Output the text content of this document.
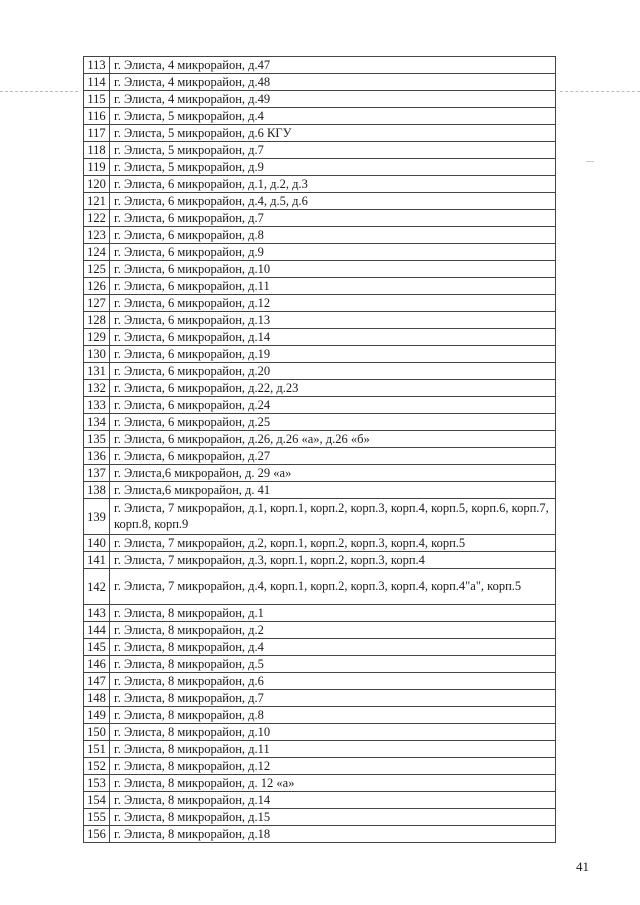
113	г. Элиста, 4 микрорайон, д.47
114	г. Элиста, 4 микрорайон, д.48
115	г. Элиста, 4 микрорайон, д.49
116	г. Элиста, 5 микрорайон, д.4
117	г. Элиста, 5 микрорайон, д.6 КГУ
118	г. Элиста, 5 микрорайон, д.7
119	г. Элиста, 5 микрорайон, д.9
120	г. Элиста, 6 микрорайон, д.1, д.2, д.3
121	г. Элиста, 6 микрорайон, д.4, д.5, д.6
122	г. Элиста, 6 микрорайон, д.7
123	г. Элиста, 6 микрорайон, д.8
124	г. Элиста, 6 микрорайон, д.9
125	г. Элиста, 6 микрорайон, д.10
126	г. Элиста, 6 микрорайон, д.11
127	г. Элиста, 6 микрорайон, д.12
128	г. Элиста, 6 микрорайон, д.13
129	г. Элиста, 6 микрорайон, д.14
130	г. Элиста, 6 микрорайон, д.19
131	г. Элиста, 6 микрорайон, д.20
132	г. Элиста, 6 микрорайон, д.22, д.23
133	г. Элиста, 6 микрорайон, д.24
134	г. Элиста, 6 микрорайон, д.25
135	г. Элиста, 6 микрорайон, д.26, д.26 «а», д.26 «б»
136	г. Элиста, 6 микрорайон, д.27
137	г. Элиста,6 микрорайон, д. 29 «а»
138	г. Элиста,6 микрорайон, д. 41
139	г. Элиста, 7 микрорайон, д.1, корп.1, корп.2, корп.3, корп.4, корп.5, корп.6, корп.7, корп.8, корп.9
140	г. Элиста, 7 микрорайон, д.2, корп.1, корп.2, корп.3, корп.4, корп.5
141	г. Элиста, 7 микрорайон, д.3, корп.1, корп.2, корп.3, корп.4
142	г. Элиста, 7 микрорайон, д.4, корп.1, корп.2, корп.3, корп.4, корп.4"а", корп.5
143	г. Элиста, 8 микрорайон, д.1
144	г. Элиста, 8 микрорайон, д.2
145	г. Элиста, 8 микрорайон, д.4
146	г. Элиста, 8 микрорайон, д.5
147	г. Элиста, 8 микрорайон, д.6
148	г. Элиста, 8 микрорайон, д.7
149	г. Элиста, 8 микрорайон, д.8
150	г. Элиста, 8 микрорайон, д.10
151	г. Элиста, 8 микрорайон, д.11
152	г. Элиста, 8 микрорайон, д.12
153	г. Элиста, 8 микрорайон, д. 12 «а»
154	г. Элиста, 8 микрорайон, д.14
155	г. Элиста, 8 микрорайон, д.15
156	г. Элиста, 8 микрорайон, д.18
41
